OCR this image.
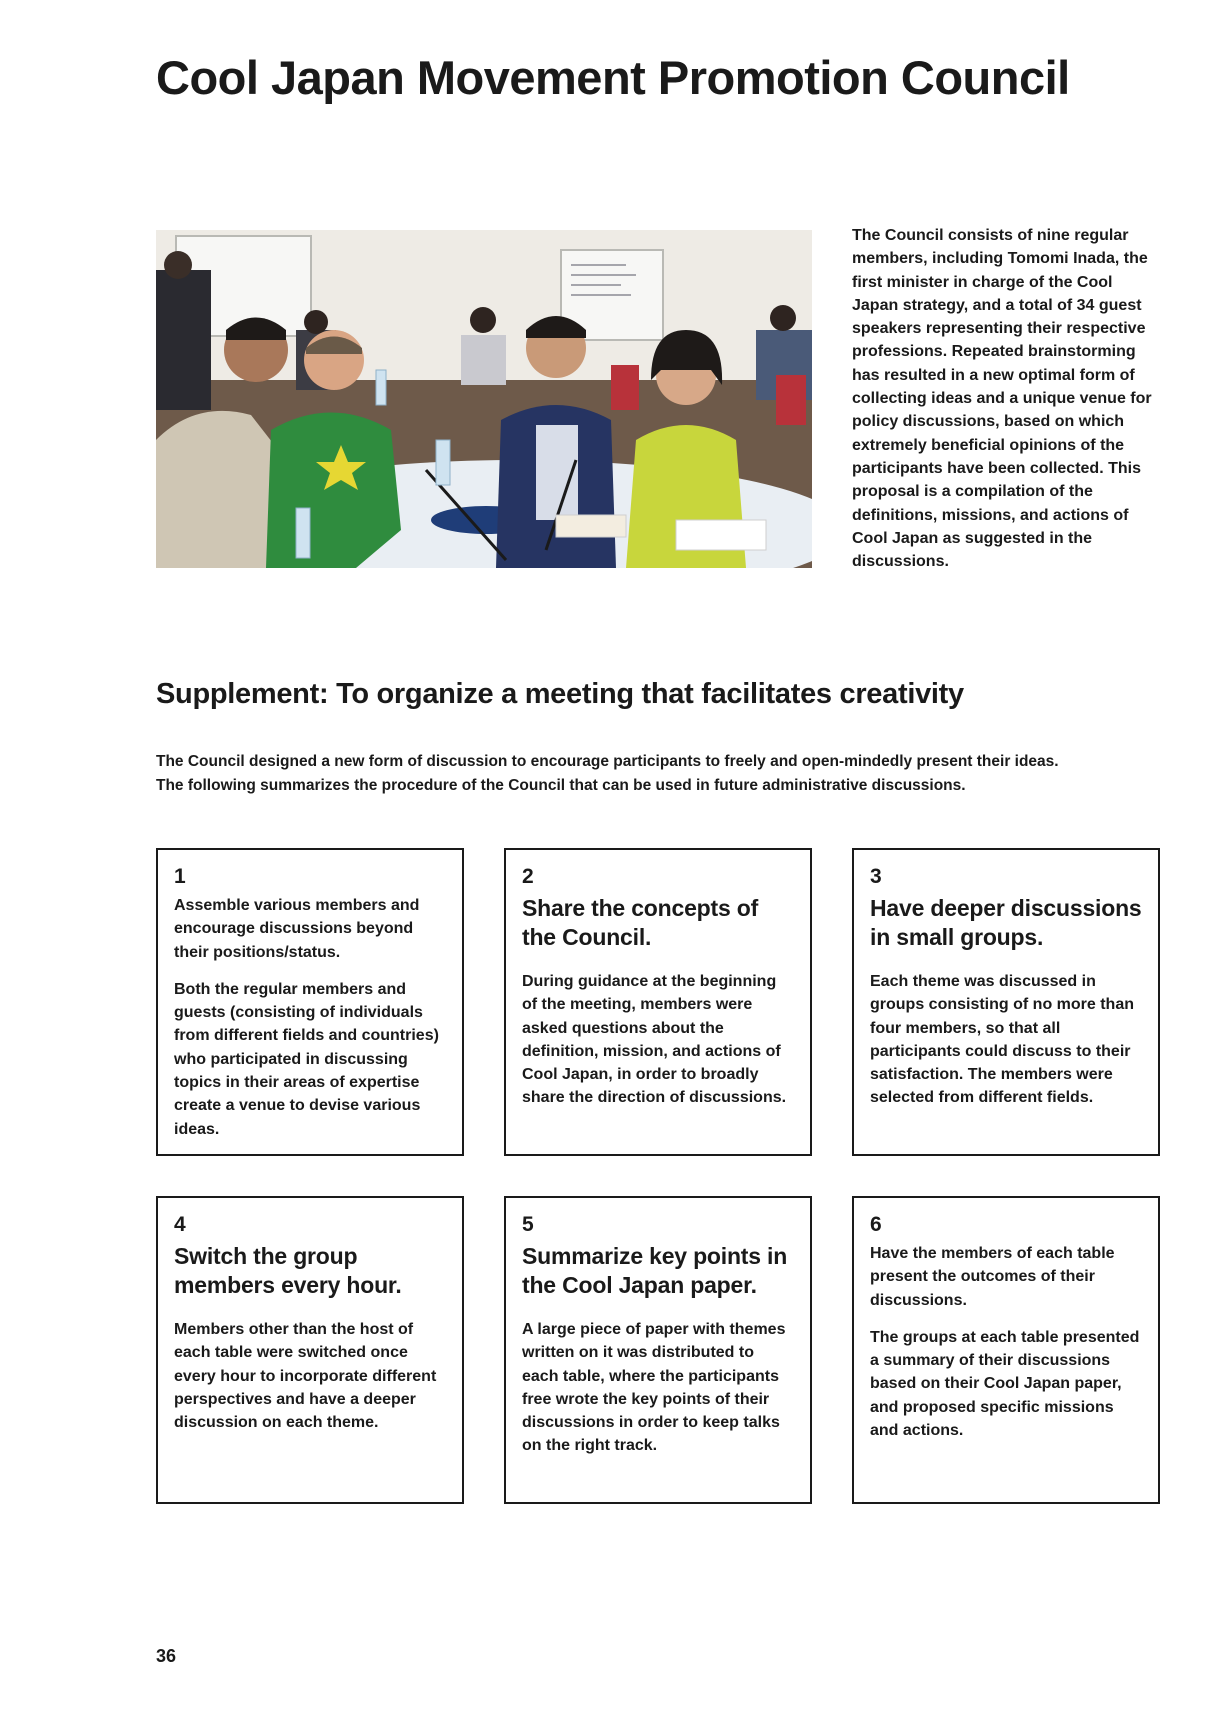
Cool Japan Movement Promotion Council

The Council consists of nine regular members, including Tomomi Inada, the first minister in charge of the Cool Japan strategy, and a total of 34 guest speakers representing their respective professions. Repeated brainstorming has resulted in a new optimal form of collecting ideas and a unique venue for policy discussions, based on which extremely beneficial opinions of the participants have been collected. This proposal is a compilation of the definitions, missions, and actions of Cool Japan as suggested in the discussions.

Supplement: To organize a meeting that facilitates creativity

The Council designed a new form of discussion to encourage participants to freely and open-mindedly present their ideas.

The following summarizes the procedure of the Council that can be used in future administrative discussions.

1
Assemble various members and encourage discussions beyond their positions/status.

Both the regular members and guests (consisting of individuals from different fields and countries) who participated in discussing topics in their areas of expertise create a venue to devise various ideas.

2
Share the concepts of the Council.

During guidance at the beginning of the meeting, members were asked questions about the definition, mission, and actions of Cool Japan, in order to broadly share the direction of discussions.

3
Have deeper discussions in small groups.

Each theme was discussed in groups consisting of no more than four members, so that all participants could discuss to their satisfaction. The members were selected from different fields.

4
Switch the group members every hour.

Members other than the host of each table were switched once every hour to incorporate different perspectives and have a deeper discussion on each theme.

5
Summarize key points in the Cool Japan paper.

A large piece of paper with themes written on it was distributed to each table, where the participants free wrote the key points of their discussions in order to keep talks on the right track.

6
Have the members of each table present the outcomes of their discussions.

The groups at each table presented a summary of their discussions based on their Cool Japan paper, and proposed specific missions and actions.

36
